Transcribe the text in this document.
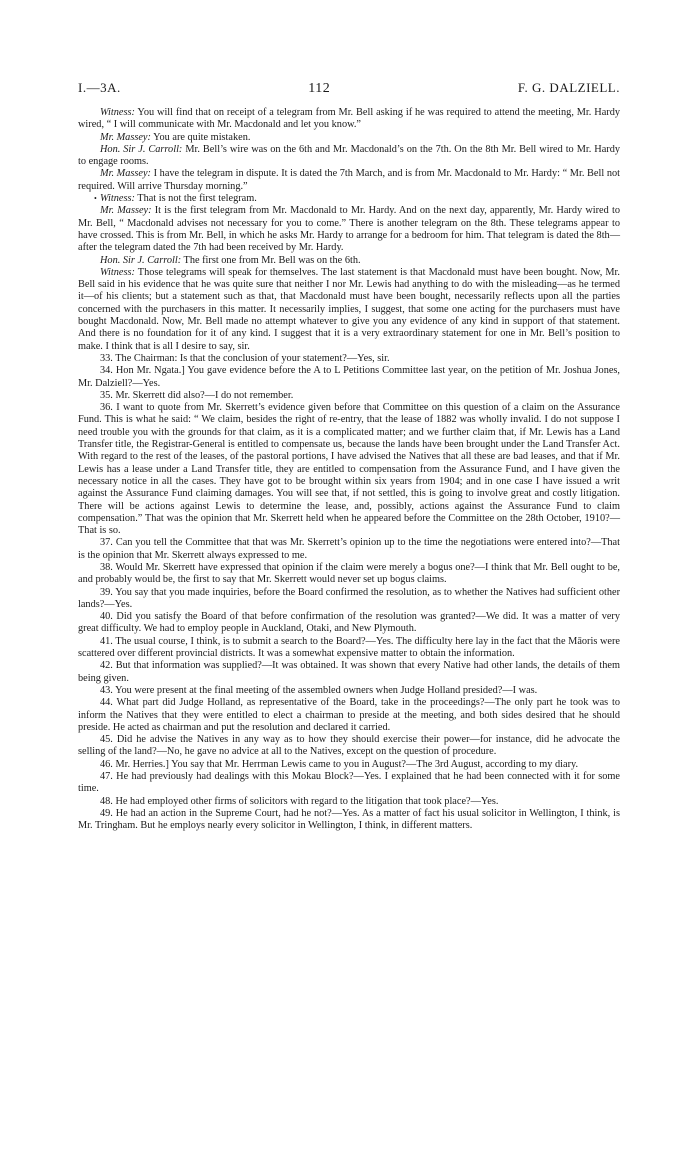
I.—3A.	112	F. G. DALZIELL.

Witness: You will find that on receipt of a telegram from Mr. Bell asking if he was required to attend the meeting, Mr. Hardy wired, “ I will communicate with Mr. Macdonald and let you know.”

Mr. Massey: You are quite mistaken.

Hon. Sir J. Carroll: Mr. Bell’s wire was on the 6th and Mr. Macdonald’s on the 7th. On the 8th Mr. Bell wired to Mr. Hardy to engage rooms.

Mr. Massey: I have the telegram in dispute. It is dated the 7th March, and is from Mr. Macdonald to Mr. Hardy: “ Mr. Bell not required. Will arrive Thursday morning.”

• Witness: That is not the first telegram.

Mr. Massey: It is the first telegram from Mr. Macdonald to Mr. Hardy. And on the next day, apparently, Mr. Hardy wired to Mr. Bell, “ Macdonald advises not necessary for you to come.” There is another telegram on the 8th. These telegrams appear to have crossed. This is from Mr. Bell, in which he asks Mr. Hardy to arrange for a bedroom for him. That telegram is dated the 8th—after the telegram dated the 7th had been received by Mr. Hardy.

Hon. Sir J. Carroll: The first one from Mr. Bell was on the 6th.

Witness: Those telegrams will speak for themselves. The last statement is that Macdonald must have been bought. Now, Mr. Bell said in his evidence that he was quite sure that neither I nor Mr. Lewis had anything to do with the misleading—as he termed it—of his clients; but a statement such as that, that Macdonald must have been bought, necessarily reflects upon all the parties concerned with the purchasers in this matter. It necessarily implies, I suggest, that some one acting for the purchasers must have bought Macdonald. Now, Mr. Bell made no attempt whatever to give you any evidence of any kind in support of that statement. And there is no foundation for it of any kind. I suggest that it is a very extraordinary statement for one in Mr. Bell’s position to make. I think that is all I desire to say, sir.

33. The Chairman: Is that the conclusion of your statement?—Yes, sir.

34. Hon Mr. Ngata.] You gave evidence before the A to L Petitions Committee last year, on the petition of Mr. Joshua Jones, Mr. Dalziell?—Yes.

35. Mr. Skerrett did also?—I do not remember.

36. I want to quote from Mr. Skerrett’s evidence given before that Committee on this question of a claim on the Assurance Fund. This is what he said: “ We claim, besides the right of re-entry, that the lease of 1882 was wholly invalid. I do not suppose I need trouble you with the grounds for that claim, as it is a complicated matter; and we further claim that, if Mr. Lewis has a Land Transfer title, the Registrar-General is entitled to compensate us, because the lands have been brought under the Land Transfer Act. With regard to the rest of the leases, of the pastoral portions, I have advised the Natives that all these are bad leases, and that if Mr. Lewis has a lease under a Land Transfer title, they are entitled to compensation from the Assurance Fund, and I have given the necessary notice in all the cases. They have got to be brought within six years from 1904; and in one case I have issued a writ against the Assurance Fund claiming damages. You will see that, if not settled, this is going to involve great and costly litigation. There will be actions against Lewis to determine the lease, and, possibly, actions against the Assurance Fund to claim compensation.” That was the opinion that Mr. Skerrett held when he appeared before the Committee on the 28th October, 1910?—That is so.

37. Can you tell the Committee that that was Mr. Skerrett’s opinion up to the time the negotiations were entered into?—That is the opinion that Mr. Skerrett always expressed to me.

38. Would Mr. Skerrett have expressed that opinion if the claim were merely a bogus one?—I think that Mr. Bell ought to be, and probably would be, the first to say that Mr. Skerrett would never set up bogus claims.

39. You say that you made inquiries, before the Board confirmed the resolution, as to whether the Natives had sufficient other lands?—Yes.

40. Did you satisfy the Board of that before confirmation of the resolution was granted?—We did. It was a matter of very great difficulty. We had to employ people in Auckland, Otaki, and New Plymouth.

41. The usual course, I think, is to submit a search to the Board?—Yes. The difficulty here lay in the fact that the Māoris were scattered over different provincial districts. It was a somewhat expensive matter to obtain the information.

42. But that information was supplied?—It was obtained. It was shown that every Native had other lands, the details of them being given.

43. You were present at the final meeting of the assembled owners when Judge Holland presided?—I was.

44. What part did Judge Holland, as representative of the Board, take in the proceedings?—The only part he took was to inform the Natives that they were entitled to elect a chairman to preside at the meeting, and both sides desired that he should preside. He acted as chairman and put the resolution and declared it carried.

45. Did he advise the Natives in any way as to how they should exercise their power—for instance, did he advocate the selling of the land?—No, he gave no advice at all to the Natives, except on the question of procedure.

46. Mr. Herries.] You say that Mr. Herrman Lewis came to you in August?—The 3rd August, according to my diary.

47. He had previously had dealings with this Mokau Block?—Yes. I explained that he had been connected with it for some time.

48. He had employed other firms of solicitors with regard to the litigation that took place?—Yes.

49. He had an action in the Supreme Court, had he not?—Yes. As a matter of fact his usual solicitor in Wellington, I think, is Mr. Tringham. But he employs nearly every solicitor in Wellington, I think, in different matters.
